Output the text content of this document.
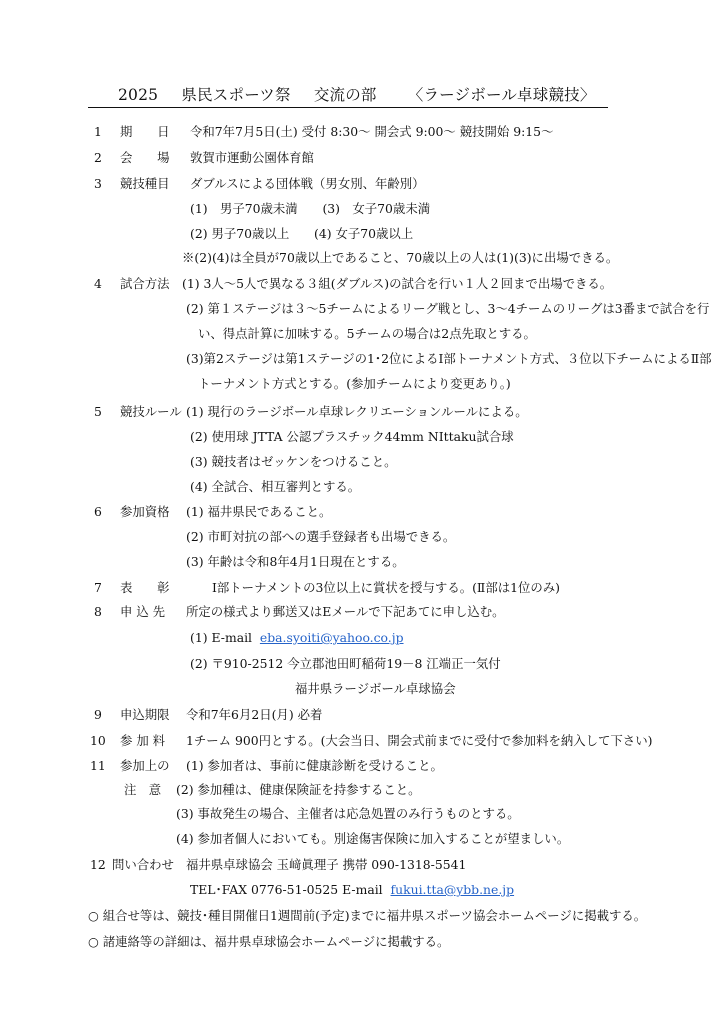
2025 県民スポーツ祭 交流の部 〈ラージボール卓球競技〉
1 期　　日 令和7年7月5日(土) 受付 8:30～ 開会式 9:00～ 競技開始 9:15～
2 会　　場 敦賀市運動公園体育館
3 競技種目 ダブルスによる団体戦（男女別、年齢別）
(1)　男子70歳未満　　(3)　女子70歳未満
(2) 男子70歳以上　　(4) 女子70歳以上
※(2)(4)は全員が70歳以上であること、70歳以上の人は(1)(3)に出場できる。
4 試合方法 (1) 3人～5人で異なる３組(ダブルス)の試合を行い１人２回まで出場できる。
(2) 第１ステージは３～5チームによるリーグ戦とし、3～4チームのリーグは3番まで試合を行
い、得点計算に加味する。5チームの場合は2点先取とする。
(3)第2ステージは第1ステージの1･2位によるⅠ部トーナメント方式、３位以下チームによるⅡ部
トーナメント方式とする。(参加チームにより変更あり。)
5 競技ルール (1) 現行のラージボール卓球レクリエーションルールによる。
(2) 使用球 JTTA 公認プラスチック44mm NIttaku試合球
(3) 競技者はゼッケンをつけること。
(4) 全試合、相互審判とする。
6 参加資格 (1) 福井県民であること。
(2) 市町対抗の部への選手登録者も出場できる。
(3) 年齢は令和8年4月1日現在とする。
7 表　　彰	Ⅰ部トーナメントの3位以上に賞状を授与する。(Ⅱ部は1位のみ)
8 申 込 先 所定の様式より郵送又はEメールで下記あてに申し込む。
(1) E-mail eba.syoiti@yahoo.co.jp
(2) 〒910-2512 今立郡池田町稲荷19－8 江端正一気付
福井県ラージボール卓球協会
9 申込期限 令和7年6月2日(月) 必着
10 参 加 料 1チーム 900円とする。(大会当日、開会式前までに受付で参加料を納入して下さい)
11 参加上の
注　意
(1) 参加者は、事前に健康診断を受けること。
(2) 参加種は、健康保険証を持参すること。
(3) 事故発生の場合、主催者は応急処置のみ行うものとする。
(4) 参加者個人においても。別途傷害保険に加入することが望ましい。
12 問い合わせ 福井県卓球協会 玉﨑眞理子 携帯 090-1318-5541
TEL･FAX 0776-51-0525 E-mail fukui.tta@ybb.ne.jp
○ 組合せ等は、競技･種目開催日1週間前(予定)までに福井県スポーツ協会ホームページに掲載する。
○ 諸連絡等の詳細は、福井県卓球協会ホームページに掲載する。
